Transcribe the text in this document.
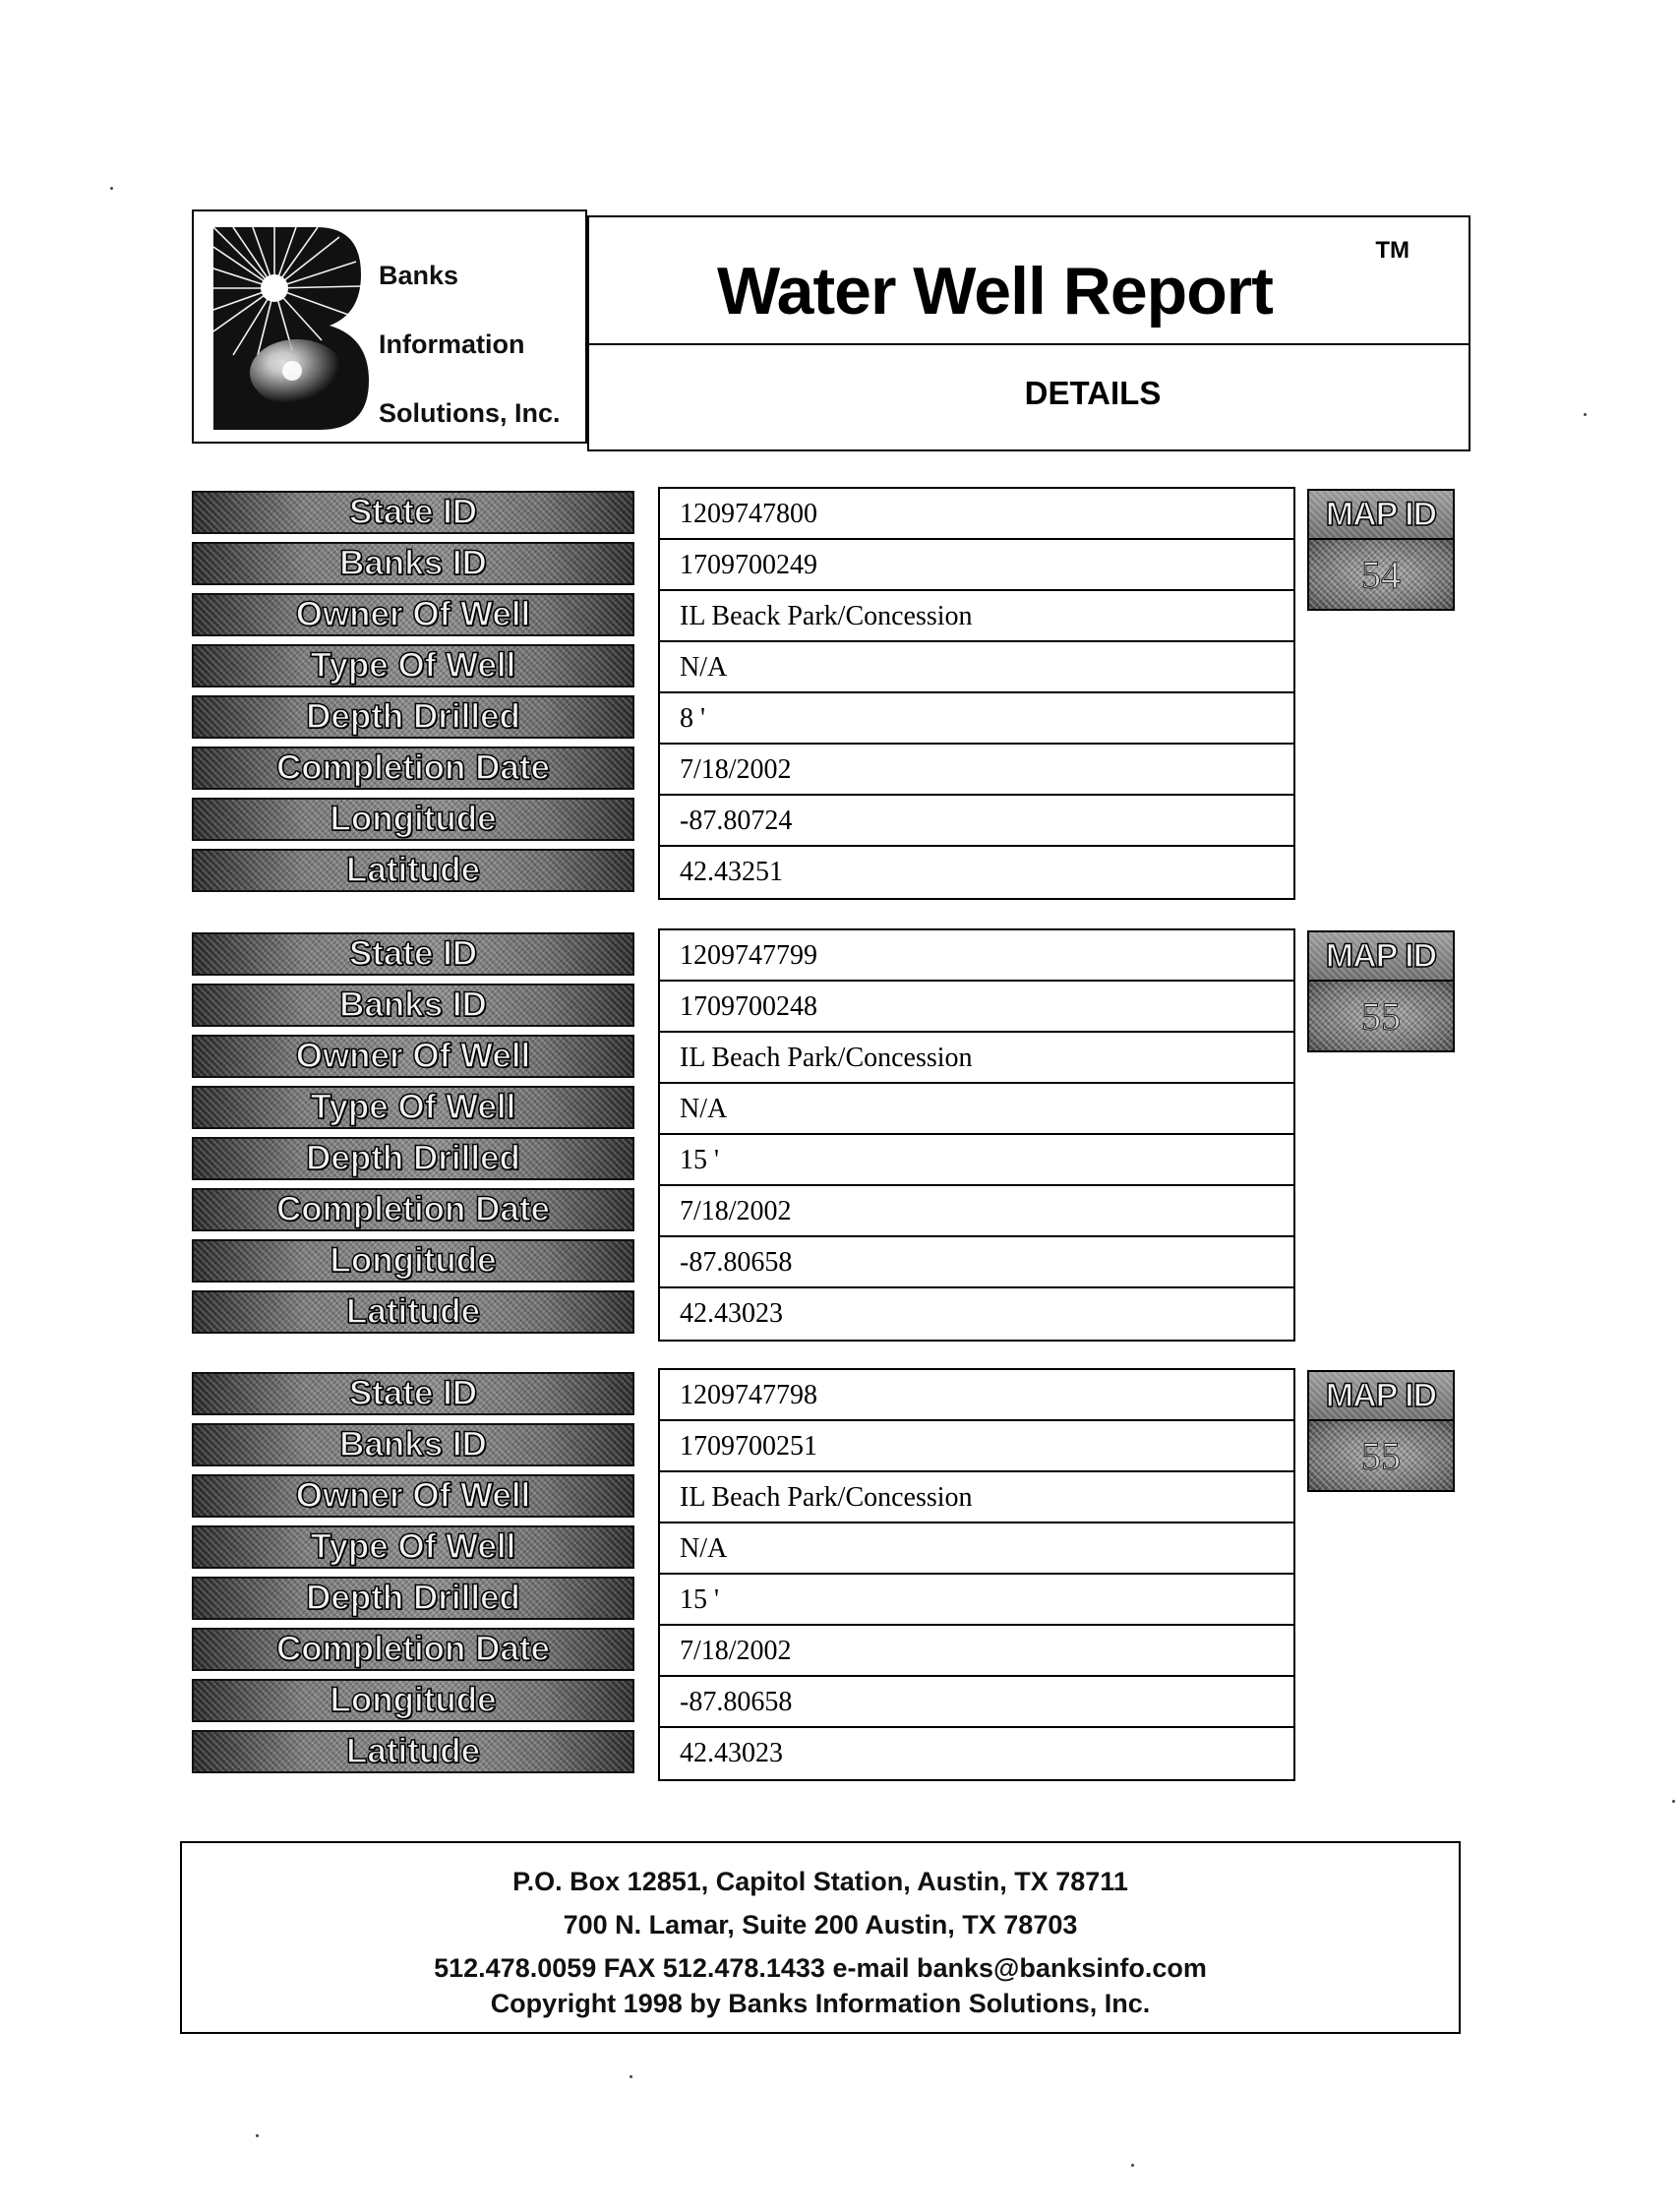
Banks
Information
Solutions, Inc.
Water Well Report
TM
DETAILS
State ID
Banks ID
Owner Of Well
Type Of Well
Depth Drilled
Completion Date
Longitude
Latitude
1209747800
1709700249
IL Beack Park/Concession
N/A
8 '
7/18/2002
-87.80724
42.43251
MAP ID
54
State ID
Banks ID
Owner Of Well
Type Of Well
Depth Drilled
Completion Date
Longitude
Latitude
1209747799
1709700248
IL Beach Park/Concession
N/A
15 '
7/18/2002
-87.80658
42.43023
MAP ID
55
State ID
Banks ID
Owner Of Well
Type Of Well
Depth Drilled
Completion Date
Longitude
Latitude
1209747798
1709700251
IL Beach Park/Concession
N/A
15 '
7/18/2002
-87.80658
42.43023
MAP ID
55
P.O. Box 12851, Capitol Station, Austin, TX 78711
700 N. Lamar, Suite 200 Austin, TX 78703
512.478.0059 FAX 512.478.1433 e-mail banks@banksinfo.com
Copyright 1998 by Banks Information Solutions, Inc.
